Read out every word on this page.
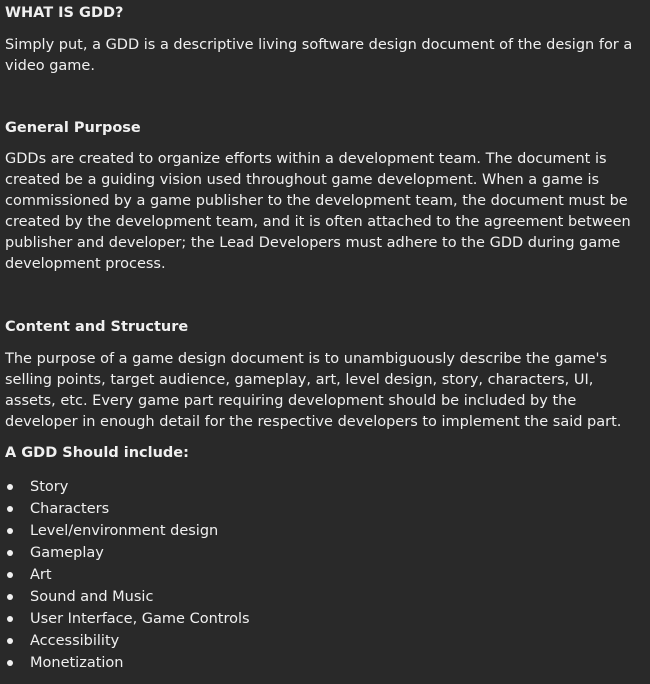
WHAT IS GDD?

Simply put, a GDD is a descriptive living software design document of the design for a video game.

General Purpose

GDDs are created to organize efforts within a development team. The document is created be a guiding vision used throughout game development. When a game is commissioned by a game publisher to the development team, the document must be created by the development team, and it is often attached to the agreement between publisher and developer; the Lead Developers must adhere to the GDD during game development process.

Content and Structure

The purpose of a game design document is to unambiguously describe the game's selling points, target audience, gameplay, art, level design, story, characters, UI, assets, etc. Every game part requiring development should be included by the developer in enough detail for the respective developers to implement the said part.

A GDD Should include:
Story
Characters
Level/environment design
Gameplay
Art
Sound and Music
User Interface, Game Controls
Accessibility
Monetization
